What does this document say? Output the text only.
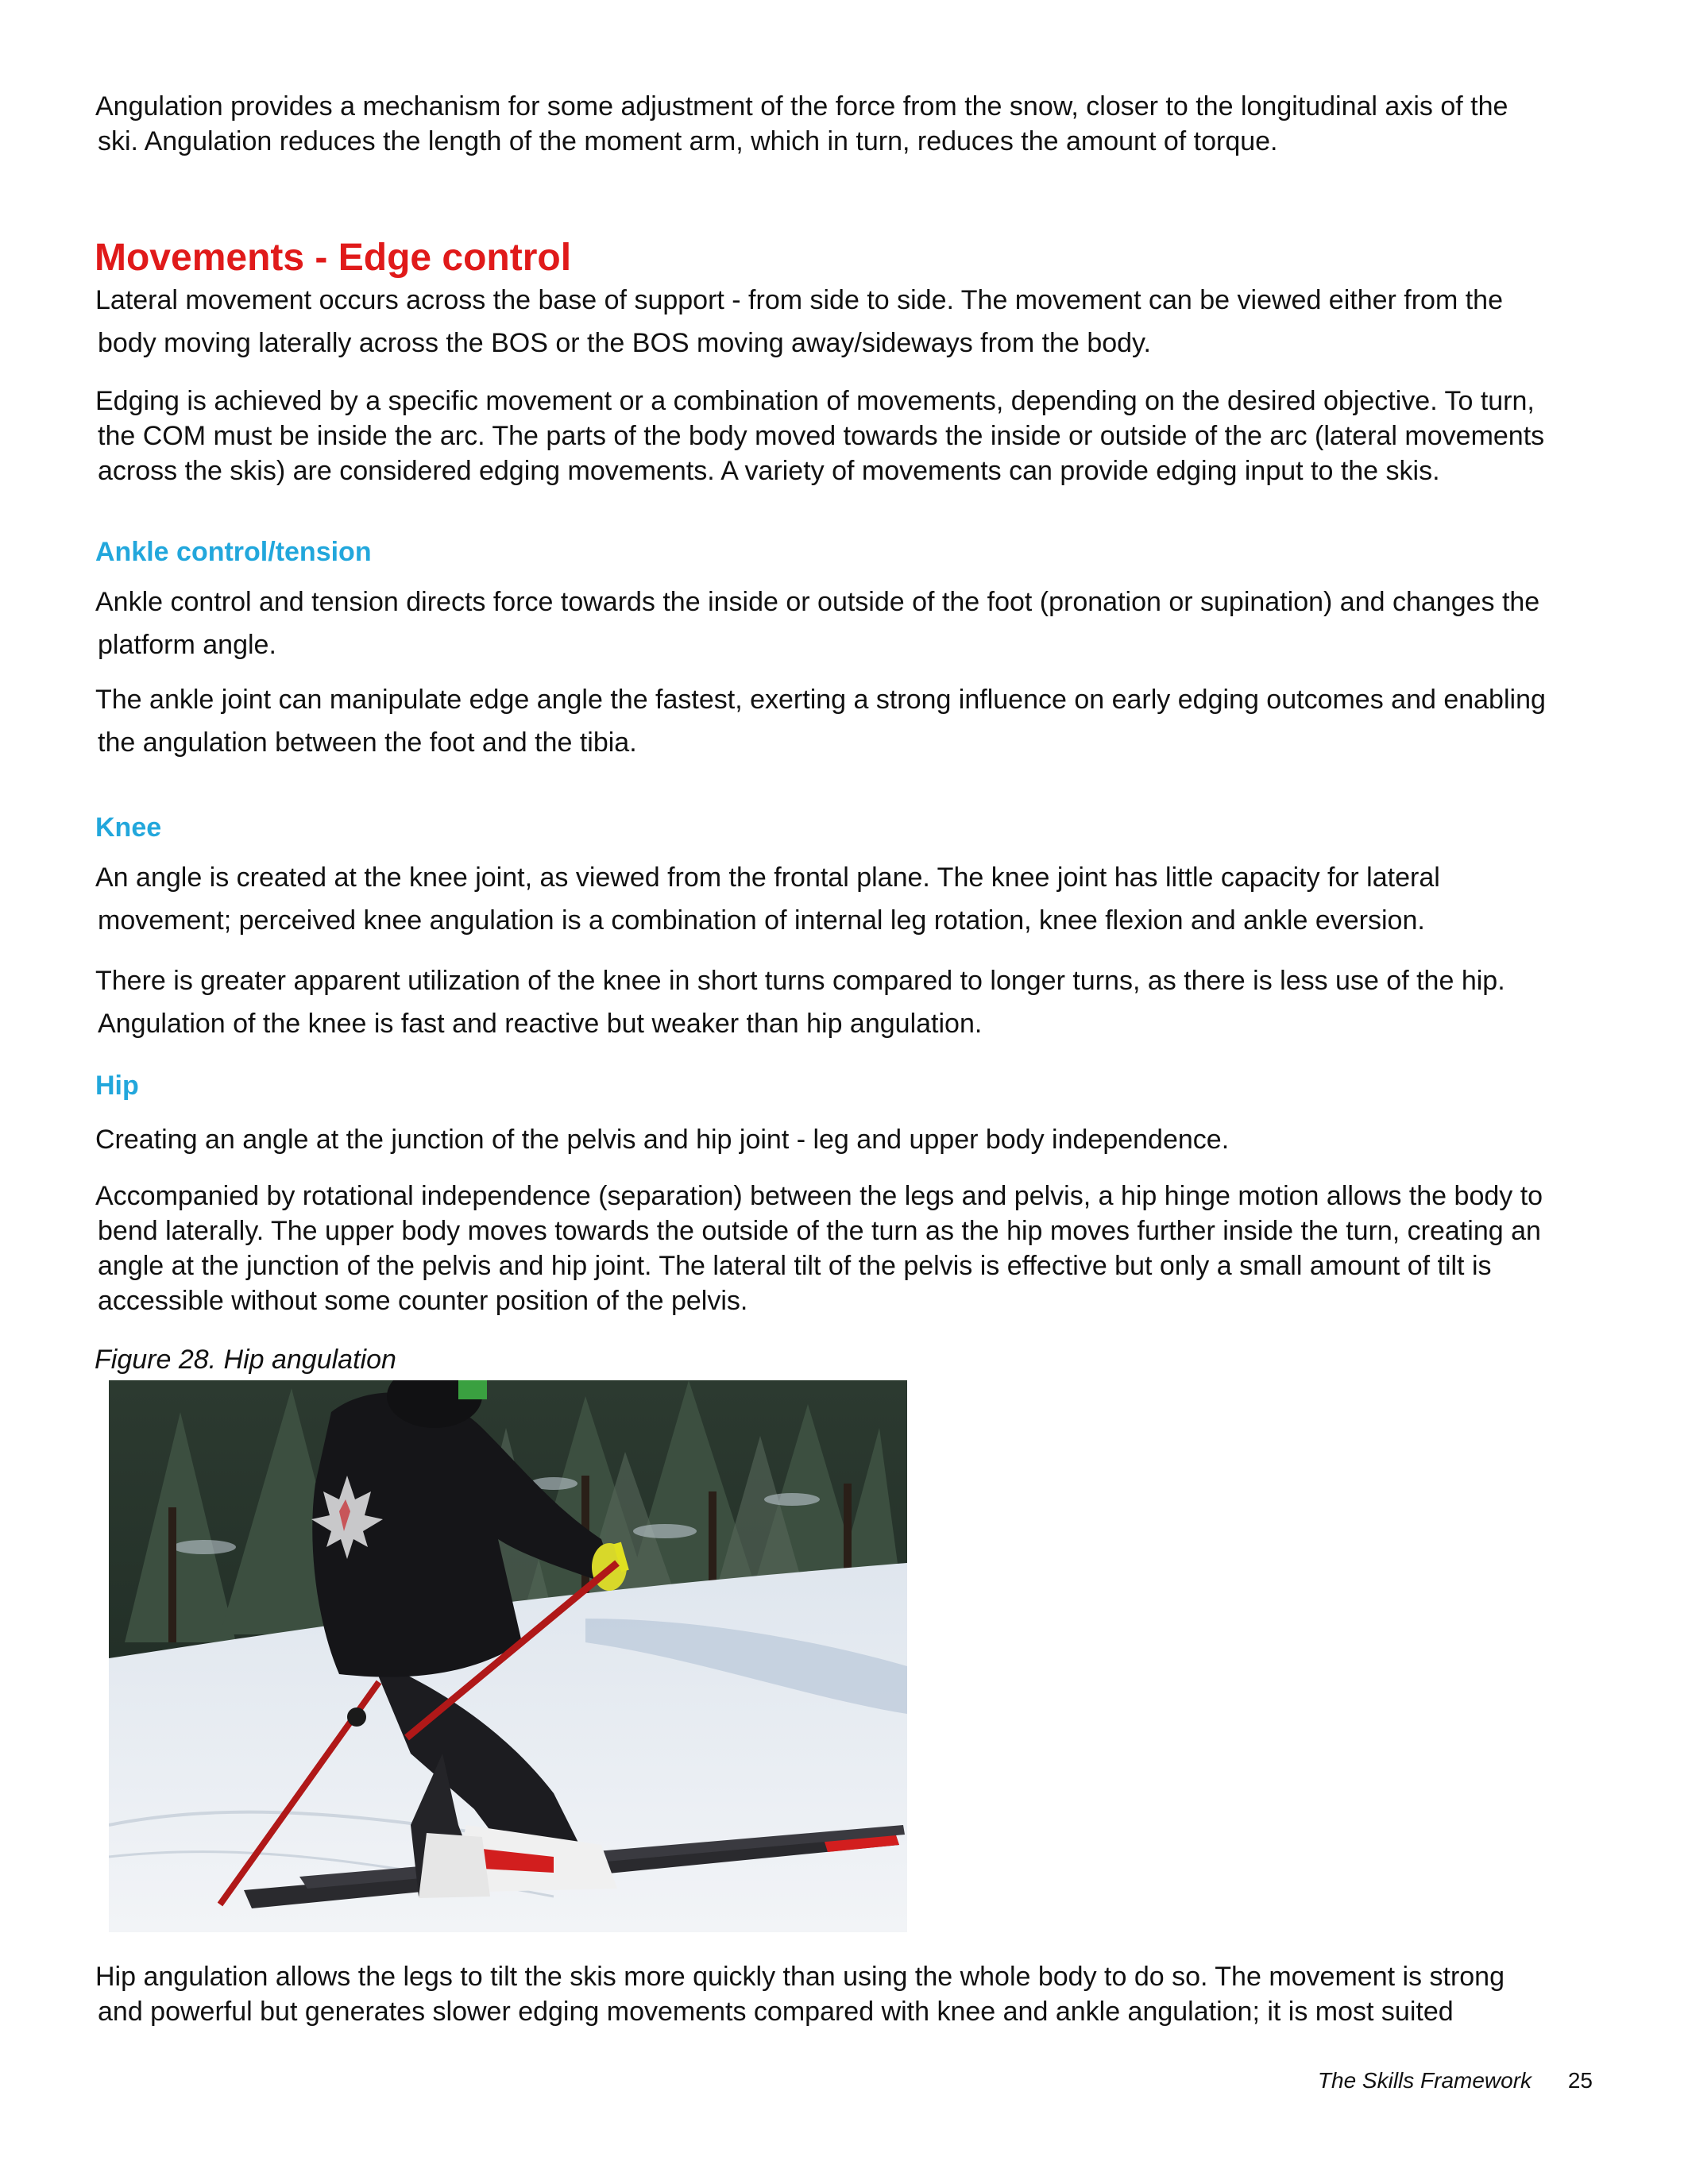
Angulation provides a mechanism for some adjustment of the force from the snow, closer to the longitudinal axis of the
ski. Angulation reduces the length of the moment arm, which in turn, reduces the amount of torque.

Movements - Edge control

Lateral movement occurs across the base of support - from side to side. The movement can be viewed either from the
body moving laterally across the BOS or the BOS moving away/sideways from the body.

Edging is achieved by a specific movement or a combination of movements, depending on the desired objective. To turn,
the COM must be inside the arc. The parts of the body moved towards the inside or outside of the arc (lateral movements
across the skis) are considered edging movements. A variety of movements can provide edging input to the skis.

Ankle control/tension

Ankle control and tension directs force towards the inside or outside of the foot (pronation or supination) and changes the
platform angle.

The ankle joint can manipulate edge angle the fastest, exerting a strong influence on early edging outcomes and enabling
the angulation between the foot and the tibia.

Knee

An angle is created at the knee joint, as viewed from the frontal plane. The knee joint has little capacity for lateral
movement; perceived knee angulation is a combination of internal leg rotation, knee flexion and ankle eversion.

There is greater apparent utilization of the knee in short turns compared to longer turns, as there is less use of the hip.
Angulation of the knee is fast and reactive but weaker than hip angulation.

Hip

Creating an angle at the junction of the pelvis and hip joint - leg and upper body independence.

Accompanied by rotational independence (separation) between the legs and pelvis, a hip hinge motion allows the body to
bend laterally. The upper body moves towards the outside of the turn as the hip moves further inside the turn, creating an
angle at the junction of the pelvis and hip joint. The lateral tilt of the pelvis is effective but only a small amount of tilt is
accessible without some counter position of the pelvis.

Figure 28. Hip angulation

Hip angulation allows the legs to tilt the skis more quickly than using the whole body to do so. The movement is strong
and powerful but generates slower edging movements compared with knee and ankle angulation; it is most suited

The Skills Framework 25
